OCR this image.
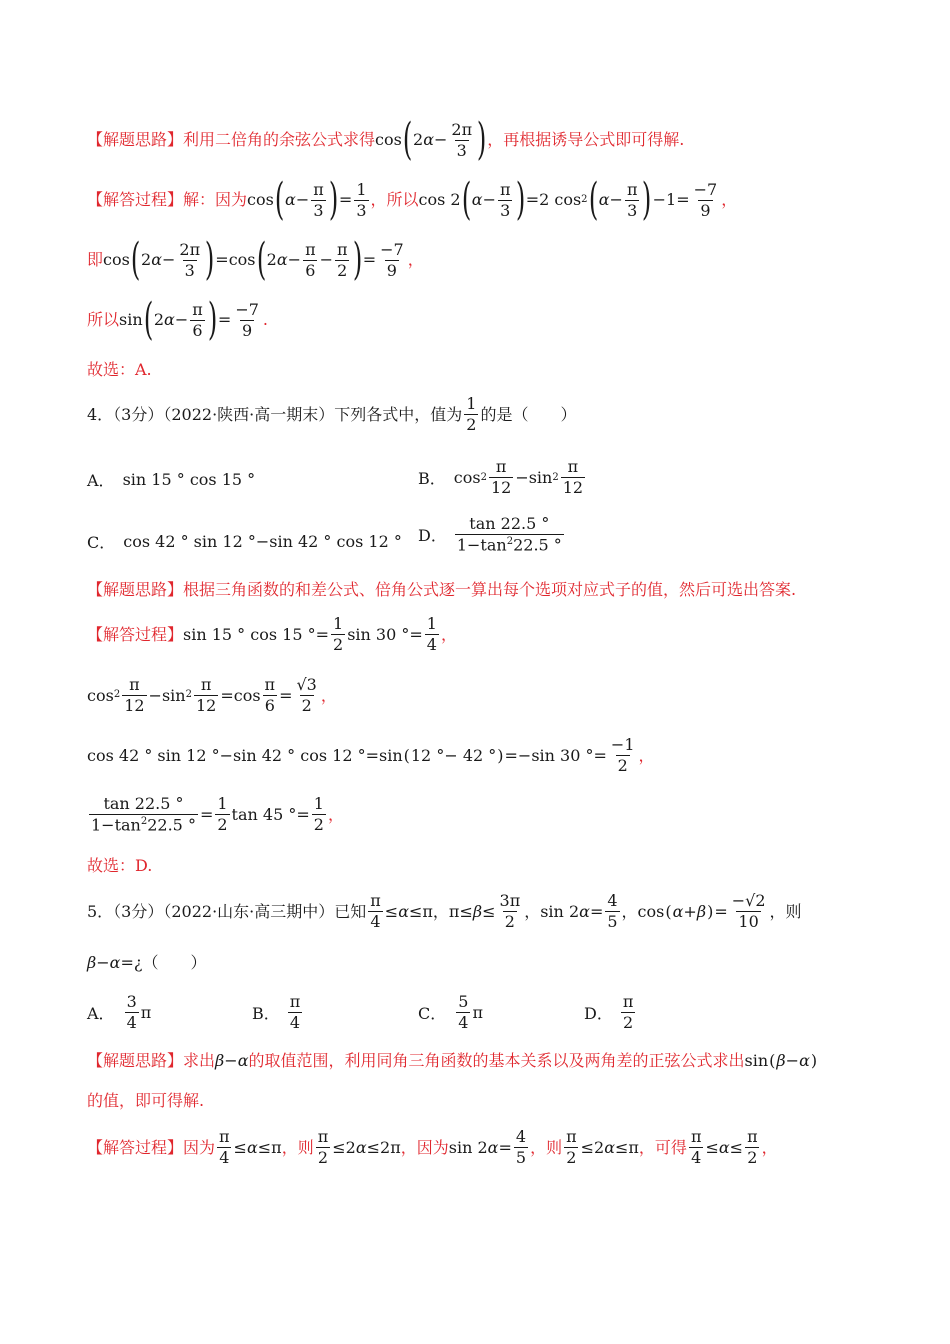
【解题思路】 利用二倍角的余弦公式求得 cos ( $2\alpha- \frac{2\pi}{3}$ ) ，再根据诱导公式即可得解.
【解答过程】 解：因为 cos ( $\alpha - \frac{\pi}{3}$ ) = $\frac{1}{3}$ ，所以 cos 2 ( $\alpha - \frac{\pi}{3}$ ) =2 cos 2 ( $\alpha - \frac{\pi}{3}$ ) $-1= \frac{-7}{9}$ ，
即 cos ( 2 $\alpha - \frac{2\pi}{3}$ ) =cos ( 2 $\alpha - \frac{\pi}{6} - \frac{\pi}{2}$ ) = $\frac{-7}{9}$ ，
所以 sin ( 2 $\alpha - \frac{\pi}{6}$ ) = $\frac{-7}{9}$ .
故选：A.
4．（3分）（2022·陕西·高一期末）下列各式中，值为 $\frac{1}{2}$ 的是（　　）
A． sin 15 ° cos 15 °	B． $\cos 2 \frac{\pi}{12} -\sin$ $2 \frac{\pi}{12}$
C． cos 42 ° sin 12 °−sin 42 ° cos 12 ° D． $\frac{\tan 22.5 ^\circ}{1-\tan^222.5 ^\circ}$
【解题思路】 根据三角函数的和差公式、倍角公式逐一算出每个选项对应式子的值，然后可选出答案.
【解答过程】 sin 15 ° cos 15 °= $\frac{1}{2}$ sin 30 °= $\frac{1}{4}$ ，
$\cos 2 \frac{\pi}{12} -\sin$ $2 \frac{\pi}{12} =\cos \frac{\pi}{6} = \frac{√3}{2}$ ，
cos 42 ° sin 12 °−sin 42 ° cos 12 °=sin ( 12 °− 42 ° ) =−sin 30 °= $\frac{-1}{2}$ ，
$\frac{\tan 22.5 ^\circ}{1-\tan^222.5 ^\circ} = \frac{1}{2}$ tan 45 °= $\frac{1}{2}$ ，
故选：D.
5．（3分）（2022·山东·高三期中）已知 $\frac{\pi}{4} \le \alpha \le\pi$，$\pi\le \beta \le \frac{3\pi}{2}$ ，sin 2 $\alpha = \frac{4}{5}$ ，cos ( α + β ) = $\frac{-√2}{10}$ ，则
β − α =¿ （　　）
A． $\frac{3}{4}$ π	B． $\frac{\pi}{4}$	C． $\frac{5}{4}$ π	D． $\frac{\pi}{2}$
【解题思路】 求出 β−α 的取值范围，利用同角三角函数的基本关系以及两角差的正弦公式求出 sin(β−α)
的值，即可得解.
【解答过程】 因为 $\frac{\pi}{4} \le \alpha \le\pi$ ，则 $\frac{\pi}{2} \le 2$ α ≤2π ，因为 sin 2 $\alpha = \frac{4}{5}$ ，则 $\frac{\pi}{2} \le 2$ α ≤π ，可得 $\frac{\pi}{4} \le \alpha \le \frac{\pi}{2}$ ，
